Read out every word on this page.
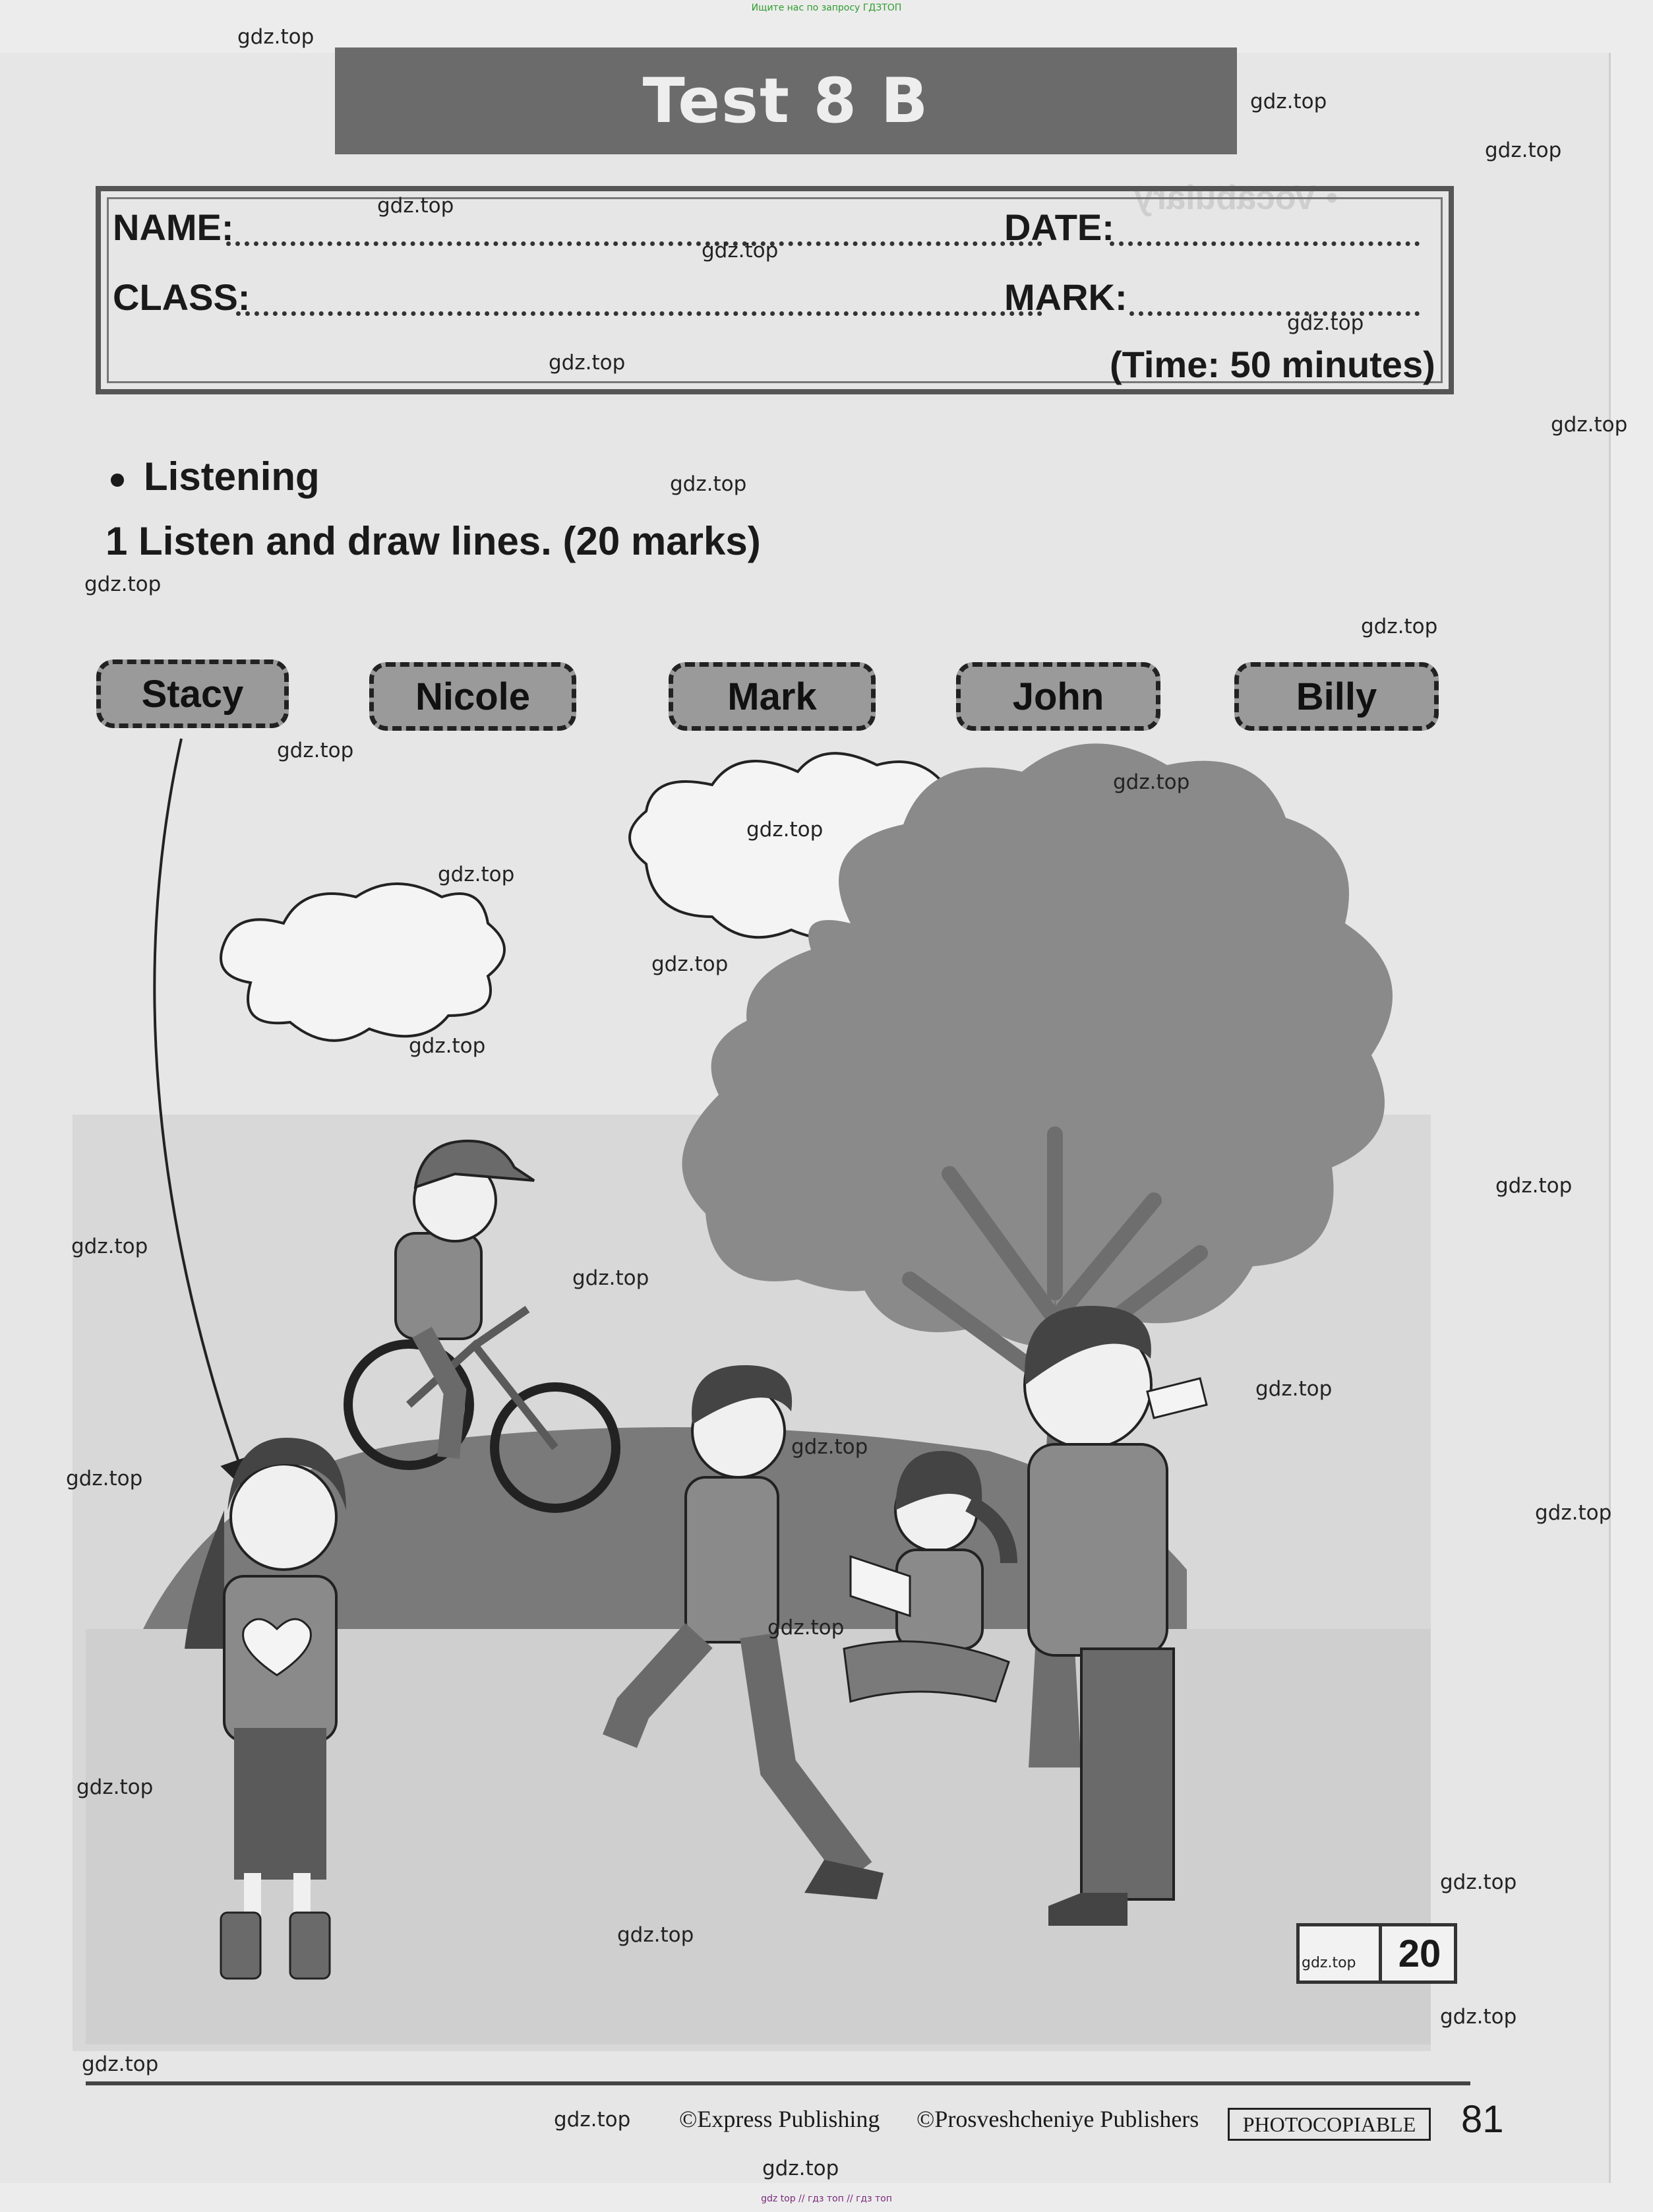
Ищите нас по запросу ГДЗТОП
• Vocabulary
Test 8 B
NAME:	DATE:
CLASS:	MARK:
(Time: 50 minutes)
Listening
1 Listen and draw lines. (20 marks)
Stacy	Nicole	Mark	John	Billy
20
©Express Publishing ©Prosveshcheniye Publishers	PHOTOCOPIABLE	81
gdz.top
gdz.top
gdz.top
gdz.top
gdz.top
gdz.top
gdz.top
gdz.top
gdz.top
gdz.top
gdz.top
gdz.top
gdz.top
gdz.top
gdz.top
gdz.top
gdz.top
gdz.top
gdz.top
gdz.top
gdz.top
gdz.top
gdz.top
gdz.top
gdz.top
gdz.top
gdz.top
gdz.top
gdz.top
gdz.top
gdz.top
gdz.top
gdz.top
gdz top // гдз топ // гдз топ
